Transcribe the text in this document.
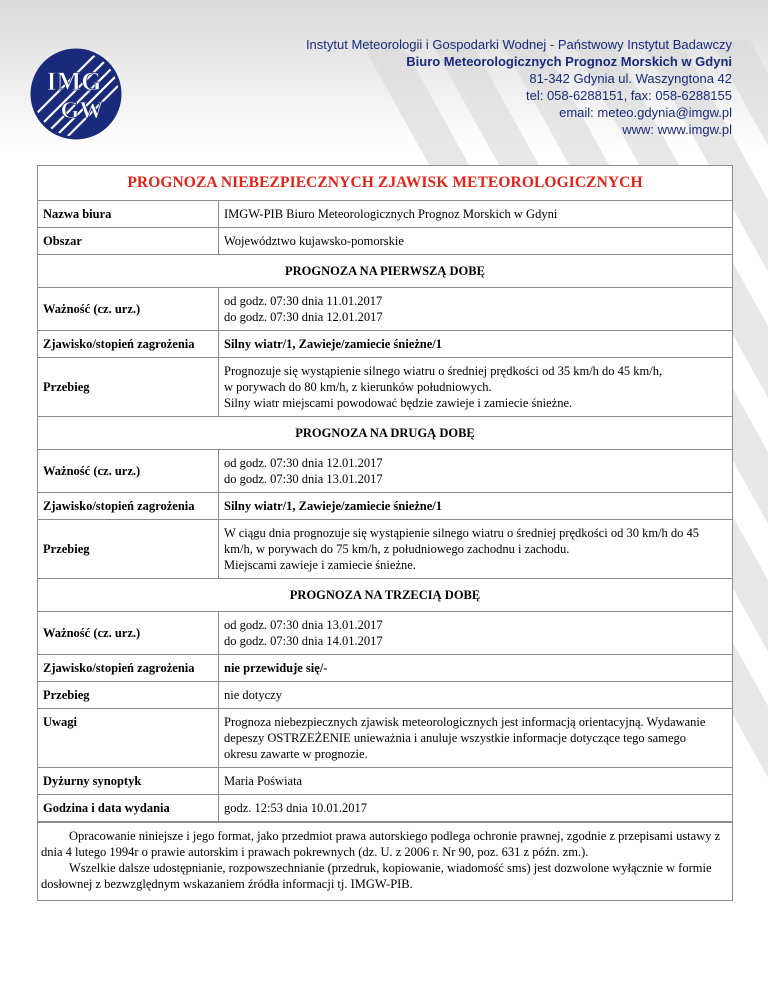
IMG
GW
Instytut Meteorologii i Gospodarki Wodnej - Państwowy Instytut Badawczy
Biuro Meteorologicznych Prognoz Morskich w Gdyni
81-342 Gdynia ul. Waszyngtona 42
tel: 058-6288151, fax: 058-6288155
email: meteo.gdynia@imgw.pl
www: www.imgw.pl
PROGNOZA NIEBEZPIECZNYCH ZJAWISK METEOROLOGICZNYCH
Nazwa biura	IMGW-PIB Biuro Meteorologicznych Prognoz Morskich w Gdyni
Obszar	Województwo kujawsko-pomorskie
PROGNOZA NA PIERWSZĄ DOBĘ	
Ważność (cz. urz.)	od godz. 07:30 dnia 11.01.2017
do godz. 07:30 dnia 12.01.2017

Zjawisko/stopień zagrożenia	Silny wiatr/1, Zawieje/zamiecie śnieżne/1
Przebieg	Prognozuje się wystąpienie silnego wiatru o średniej prędkości od 35 km/h do 45 km/h,
w porywach do 80 km/h, z kierunków południowych.
Silny wiatr miejscami powodować będzie zawieje i zamiecie śnieżne.

PROGNOZA NA DRUGĄ DOBĘ	
Ważność (cz. urz.)	od godz. 07:30 dnia 12.01.2017
do godz. 07:30 dnia 13.01.2017

Zjawisko/stopień zagrożenia	Silny wiatr/1, Zawieje/zamiecie śnieżne/1
Przebieg	W ciągu dnia prognozuje się wystąpienie silnego wiatru o średniej prędkości od 30 km/h do 45
km/h, w porywach do 75 km/h, z południowego zachodnu i zachodu.
Miejscami zawieje i zamiecie śnieżne.

PROGNOZA NA TRZECIĄ DOBĘ	
Ważność (cz. urz.)	od godz. 07:30 dnia 13.01.2017
do godz. 07:30 dnia 14.01.2017

Zjawisko/stopień zagrożenia	nie przewiduje się/-
Przebieg	nie dotyczy
Uwagi	Prognoza niebezpiecznych zjawisk meteorologicznych jest informacją orientacyjną. Wydawanie
depeszy OSTRZEŻENIE unieważnia i anuluje wszystkie informacje dotyczące tego samego
okresu zawarte w prognozie.

Dyżurny synoptyk	Maria Poświata
Godzina i data wydania	godz. 12:53 dnia 10.01.2017

Opracowanie niniejsze i jego format, jako przedmiot prawa autorskiego podlega ochronie prawnej, zgodnie z przepisami ustawy z dnia 4 lutego 1994r o prawie autorskim i prawach pokrewnych (dz. U. z 2006 r. Nr 90, poz. 631 z późn. zm.).

Wszelkie dalsze udostępnianie, rozpowszechnianie (przedruk, kopiowanie, wiadomość sms) jest dozwolone wyłącznie w formie dosłownej z bezwzględnym wskazaniem źródła informacji tj. IMGW-PIB.
